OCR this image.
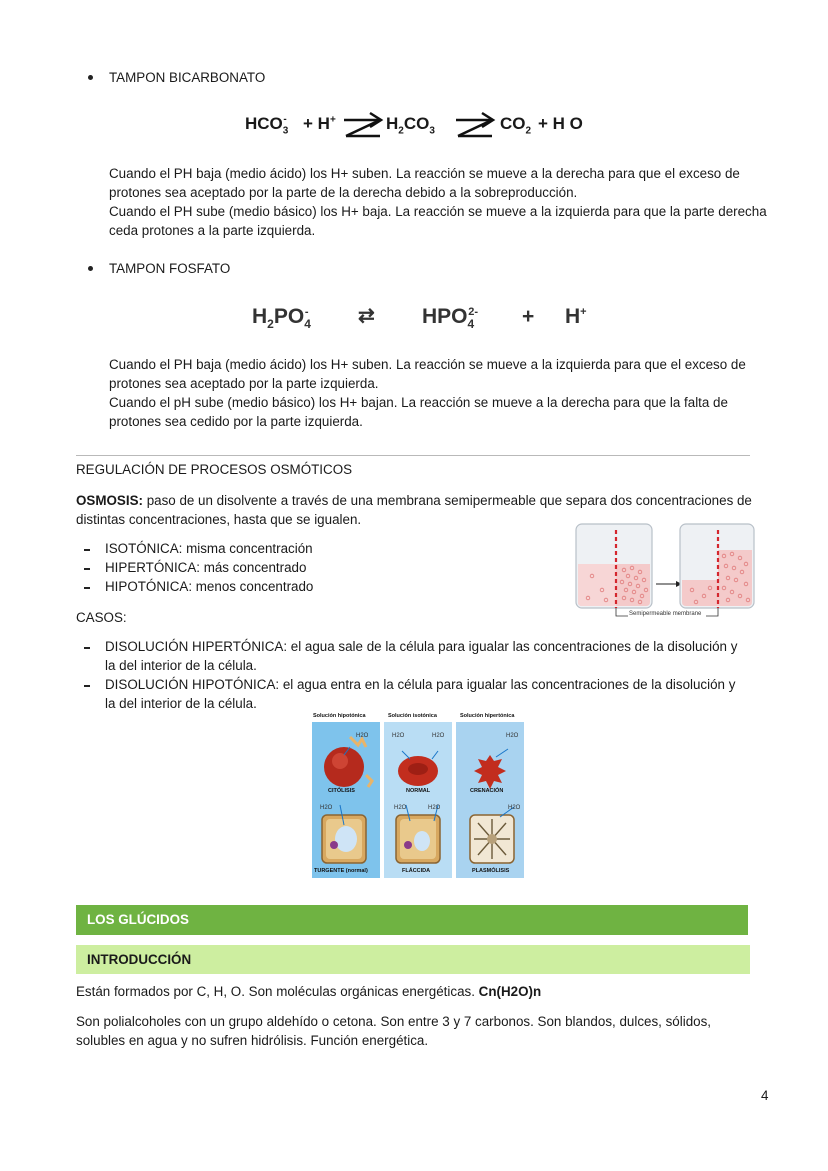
TAMPON BICARBONATO
$HCO_3^- + H^+$ ⇌ $H_2CO_3$ ⇌ $CO_2 + H$ O
Cuando el PH baja (medio ácido) los H+ suben. La reacción se mueve a la derecha para que el exceso de protones sea aceptado por la parte de la derecha debido a la sobreproducción.
Cuando el PH sube (medio básico) los H+ baja. La reacción se mueve a la izquierda para que la parte derecha ceda protones a la parte izquierda.
TAMPON FOSFATO
$H_2PO_4^-$ ⇄ $HPO_4^{2-} + H^+$
Cuando el PH baja (medio ácido) los H+ suben. La reacción se mueve a la izquierda para que el exceso de protones sea aceptado por la parte izquierda.
Cuando el pH sube (medio básico) los H+ bajan. La reacción se mueve a la derecha para que la falta de protones sea cedido por la parte izquierda.
REGULACIÓN DE PROCESOS OSMÓTICOS
OSMOSIS: paso de un disolvente a través de una membrana semipermeable que separa dos concentraciones de distintas concentraciones, hasta que se igualen.
ISOTÓNICA: misma concentración
HIPERTÓNICA: más concentrado
HIPOTÓNICA: menos concentrado
Semipermeable membrane
CASOS:
DISOLUCIÓN HIPERTÓNICA: el agua sale de la célula para igualar las concentraciones de la disolución y la del interior de la célula.
DISOLUCIÓN HIPOTÓNICA: el agua entra en la célula para igualar las concentraciones de la disolución y la del interior de la célula.
Solución hipotónica	Solución isotónica	Solución hipertónica
H2O	H2O	H2O	H2O
CITÓLISIS	NORMAL	CRENACIÓN
H2O	H2O	H2O	H2O
TURGENTE (normal)	FLÁCCIDA	PLASMÓLISIS
LOS GLÚCIDOS
INTRODUCCIÓN
Están formados por C, H, O. Son moléculas orgánicas energéticas. Cn(H2O)n
Son polialcoholes con un grupo aldehído o cetona. Son entre 3 y 7 carbonos. Son blandos, dulces, sólidos, solubles en agua y no sufren hidrólisis. Función energética.
4
